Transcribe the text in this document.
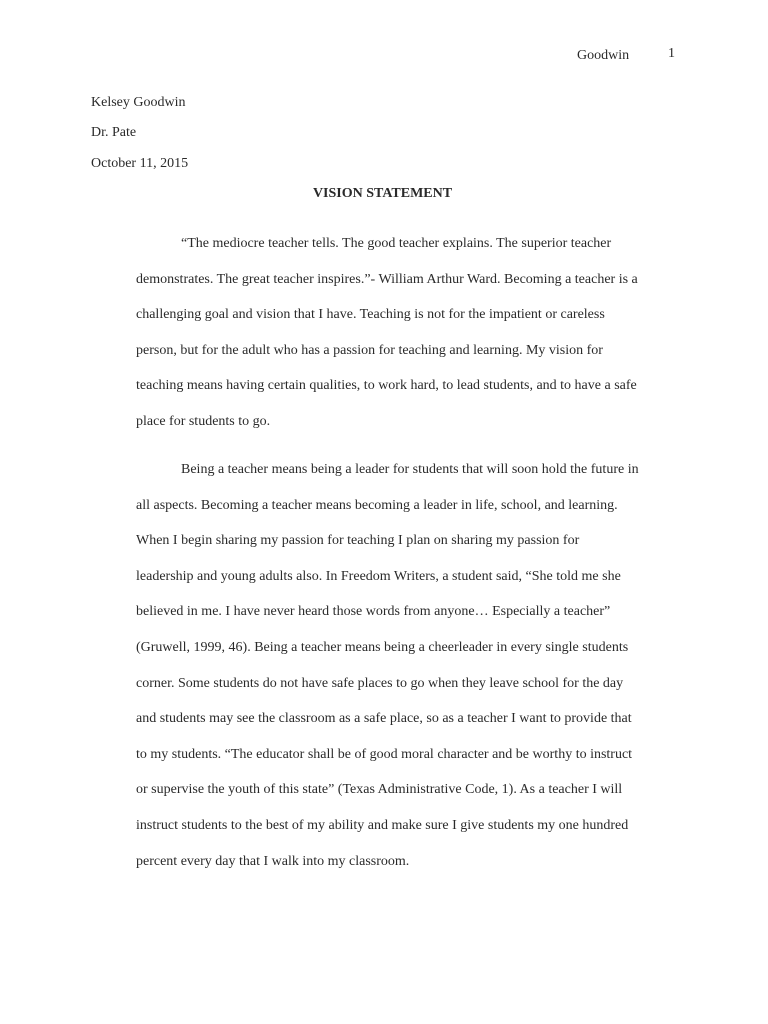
Goodwin	1
Kelsey Goodwin
Dr. Pate
October 11, 2015
VISION STATEMENT
“The mediocre teacher tells. The good teacher explains. The superior teacher
demonstrates. The great teacher inspires.”- William Arthur Ward. Becoming a teacher is a
challenging goal and vision that I have. Teaching is not for the impatient or careless
person, but for the adult who has a passion for teaching and learning. My vision for
teaching means having certain qualities, to work hard, to lead students, and to have a safe
place for students to go.
Being a teacher means being a leader for students that will soon hold the future in
all aspects. Becoming a teacher means becoming a leader in life, school, and learning.
When I begin sharing my passion for teaching I plan on sharing my passion for
leadership and young adults also. In Freedom Writers, a student said, “She told me she
believed in me. I have never heard those words from anyone… Especially a teacher”
(Gruwell, 1999, 46). Being a teacher means being a cheerleader in every single students
corner. Some students do not have safe places to go when they leave school for the day
and students may see the classroom as a safe place, so as a teacher I want to provide that
to my students. “The educator shall be of good moral character and be worthy to instruct
or supervise the youth of this state” (Texas Administrative Code, 1). As a teacher I will
instruct students to the best of my ability and make sure I give students my one hundred
percent every day that I walk into my classroom.
